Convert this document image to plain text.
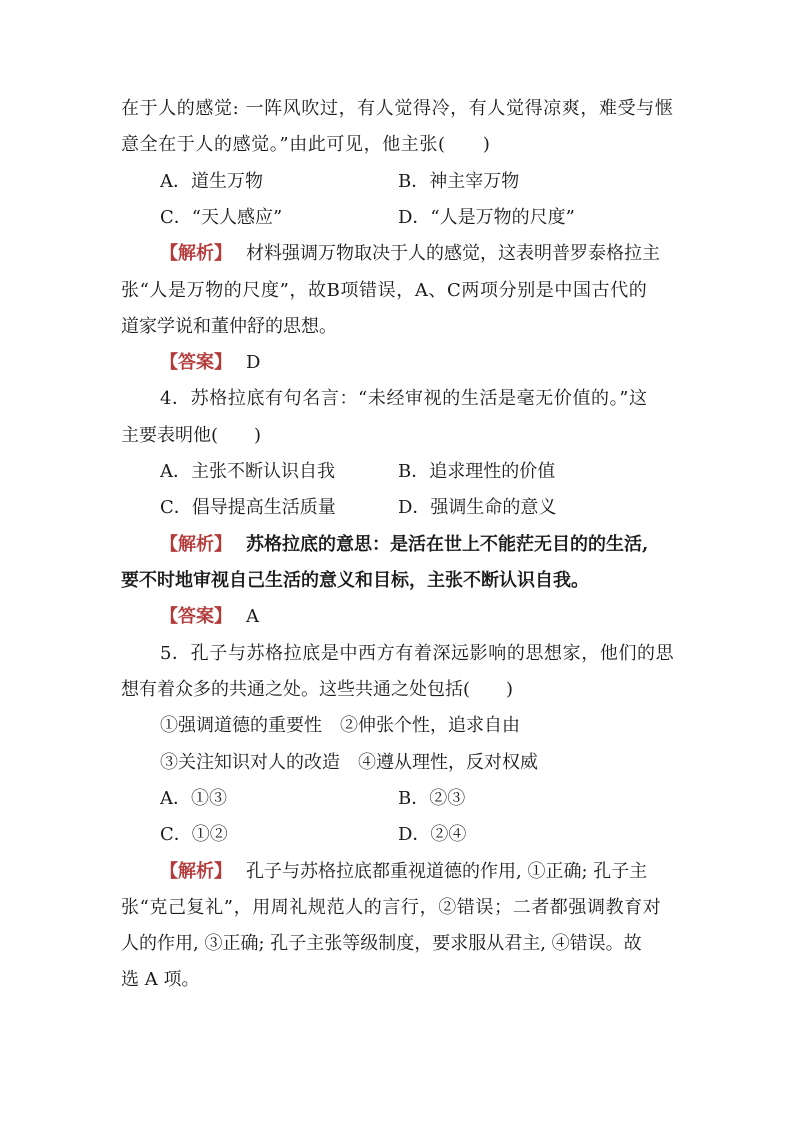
在于人的感觉: 一阵风吹过，有人觉得冷，有人觉得凉爽，难受与惬
意全在于人的感觉。”由此可见，他主张(　　)
A．道生万物	B．神主宰万物
C．“天人感应”	D．“人是万物的尺度”
【解析】 材料强调万物取决于人的感觉，这表明普罗泰格拉主
张“人是万物的尺度”，故B项错误，A、C两项分别是中国古代的
道家学说和董仲舒的思想。
【答案】 D
4．苏格拉底有句名言：“未经审视的生活是毫无价值的。”这
主要表明他(　　)
A．主张不断认识自我	B．追求理性的价值
C．倡导提高生活质量	D．强调生命的意义
【解析】 苏格拉底的意思：是活在世上不能茫无目的的生活,
要不时地审视自己生活的意义和目标，主张不断认识自我。
【答案】 A
5．孔子与苏格拉底是中西方有着深远影响的思想家，他们的思
想有着众多的共通之处。这些共通之处包括(　　)
①强调道德的重要性　②伸张个性，追求自由
③关注知识对人的改造　④遵从理性，反对权威
A．①③	B．②③
C．①②	D．②④
【解析】 孔子与苏格拉底都重视道德的作用, ①正确; 孔子主
张“克己复礼”，用周礼规范人的言行，②错误；二者都强调教育对
人的作用, ③正确; 孔子主张等级制度，要求服从君主, ④错误。故
选 A 项。
